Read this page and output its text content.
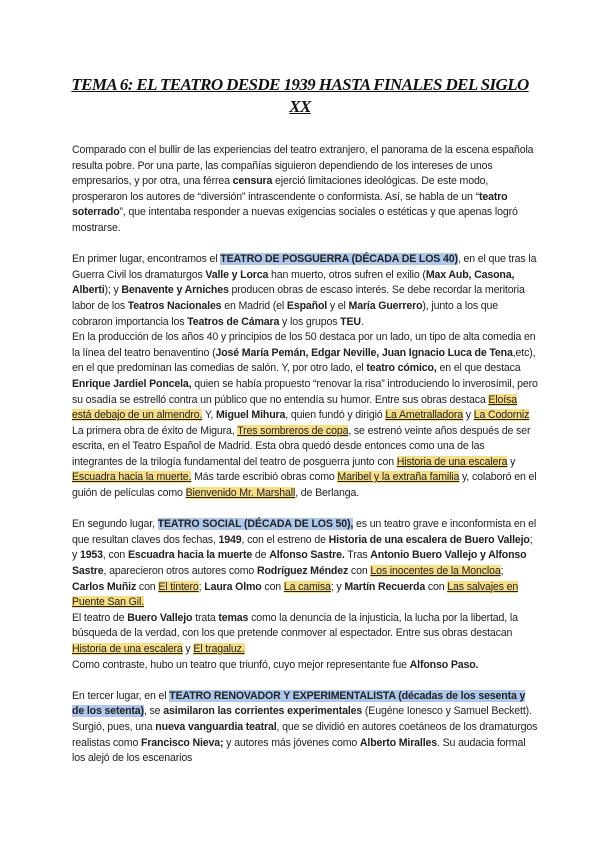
TEMA 6: EL TEATRO DESDE 1939 HASTA FINALES DEL SIGLO XX

Comparado con el bullir de las experiencias del teatro extranjero, el panorama de la escena española resulta pobre. Por una parte, las compañías siguieron dependiendo de los intereses de unos empresarios, y por otra, una férrea censura ejerció limitaciones ideológicas. De este modo, prosperaron los autores de “diversión” intrascendente o conformista. Así, se habla de un “teatro soterrado”, que intentaba responder a nuevas exigencias sociales o estéticas y que apenas logró mostrarse.

En primer lugar, encontramos el TEATRO DE POSGUERRA (DÉCADA DE LOS 40), en el que tras la Guerra Civil los dramaturgos Valle y Lorca han muerto, otros sufren el exilio (Max Aub, Casona, Alberti); y Benavente y Arniches producen obras de escaso interés. Se debe recordar la meritoria labor de los Teatros Nacionales en Madrid (el Español y el María Guerrero), junto a los que cobraron importancia los Teatros de Cámara y los grupos TEU.

En la producción de los años 40 y principios de los 50 destaca por un lado, un tipo de alta comedia en la línea del teatro benaventino (José María Pemán, Edgar Neville, Juan Ignacio Luca de Tena,etc), en el que predominan las comedias de salón. Y, por otro lado, el teatro cómico, en el que destaca Enrique Jardiel Poncela, quien se había propuesto “renovar la risa” introduciendo lo inverosímil, pero su osadía se estrelló contra un público que no entendía su humor. Entre sus obras destaca Eloísa está debajo de un almendro. Y, Miguel Mihura, quien fundó y dirigió La Ametralladora y La Codorniz

La primera obra de éxito de Migura, Tres sombreros de copa, se estrenó veinte años después de ser escrita, en el Teatro Español de Madrid. Esta obra quedó desde entonces como una de las integrantes de la trilogía fundamental del teatro de posguerra junto con Historia de una escalera y Escuadra hacia la muerte. Más tarde escribió obras como Maribel y la extraña familia y, colaboró en el guión de películas como Bienvenido Mr. Marshall, de Berlanga.

En segundo lugar, TEATRO SOCIAL (DÉCADA DE LOS 50), es un teatro grave e inconformista en el que resultan claves dos fechas, 1949, con el estreno de Historia de una escalera de Buero Vallejo; y 1953, con Escuadra hacia la muerte de Alfonso Sastre. Tras Antonio Buero Vallejo y Alfonso Sastre, aparecieron otros autores como Rodríguez Méndez con Los inocentes de la Moncloa; Carlos Muñiz con El tintero; Laura Olmo con La camisa; y Martín Recuerda con Las salvajes en Puente San Gil.

El teatro de Buero Vallejo trata temas como la denuncia de la injusticia, la lucha por la libertad, la búsqueda de la verdad, con los que pretende conmover al espectador. Entre sus obras destacan Historia de una escalera y El tragaluz.

Como contraste, hubo un teatro que triunfó, cuyo mejor representante fue Alfonso Paso.

En tercer lugar, en el TEATRO RENOVADOR Y EXPERIMENTALISTA (décadas de los sesenta y de los setenta), se asimilaron las corrientes experimentales (Eugéne Ionesco y Samuel Beckett). Surgió, pues, una nueva vanguardia teatral, que se dividió en autores coetáneos de los dramaturgos realistas como Francisco Nieva; y autores más jóvenes como Alberto Miralles. Su audacia formal los alejó de los escenarios
